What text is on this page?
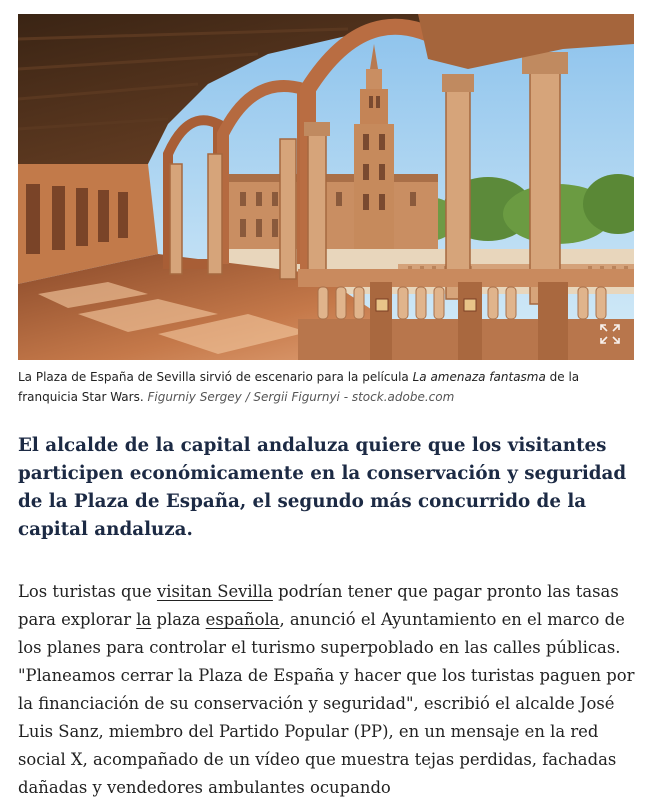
La Plaza de España de Sevilla sirvió de escenario para la película La amenaza fantasma de la franquicia Star Wars. Figurniy Sergey / Sergii Figurnyi - stock.adobe.com

El alcalde de la capital andaluza quiere que los visitantes participen económicamente en la conservación y seguridad de la Plaza de España, el segundo más concurrido de la capital andaluza.

Los turistas que visitan Sevilla podrían tener que pagar pronto las tasas para explorar la plaza española, anunció el Ayuntamiento en el marco de los planes para controlar el turismo superpoblado en las calles públicas. "Planeamos cerrar la Plaza de España y hacer que los turistas paguen por la financiación de su conservación y seguridad", escribió el alcalde José Luis Sanz, miembro del Partido Popular (PP), en un mensaje en la red social X, acompañado de un vídeo que muestra tejas perdidas, fachadas dañadas y vendedores ambulantes ocupando
